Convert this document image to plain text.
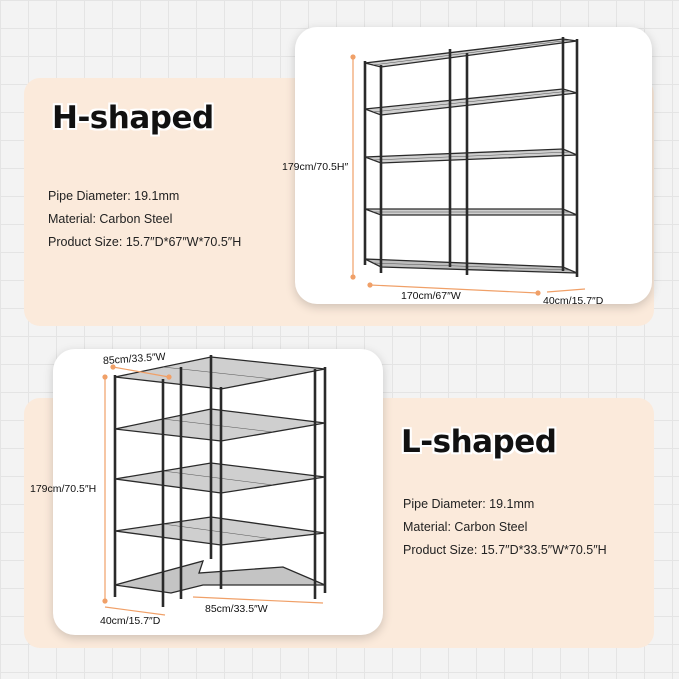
H-shaped
Pipe Diameter: 19.1mm
Material: Carbon Steel
Product Size: 15.7″D*67″W*70.5″H
179cm/70.5H″
170cm/67″W	40cm/15.7″D
L-shaped
Pipe Diameter: 19.1mm
Material: Carbon Steel
Product Size: 15.7″D*33.5″W*70.5″H
85cm/33.5″W
179cm/70.5″H
40cm/15.7″D
85cm/33.5″W
